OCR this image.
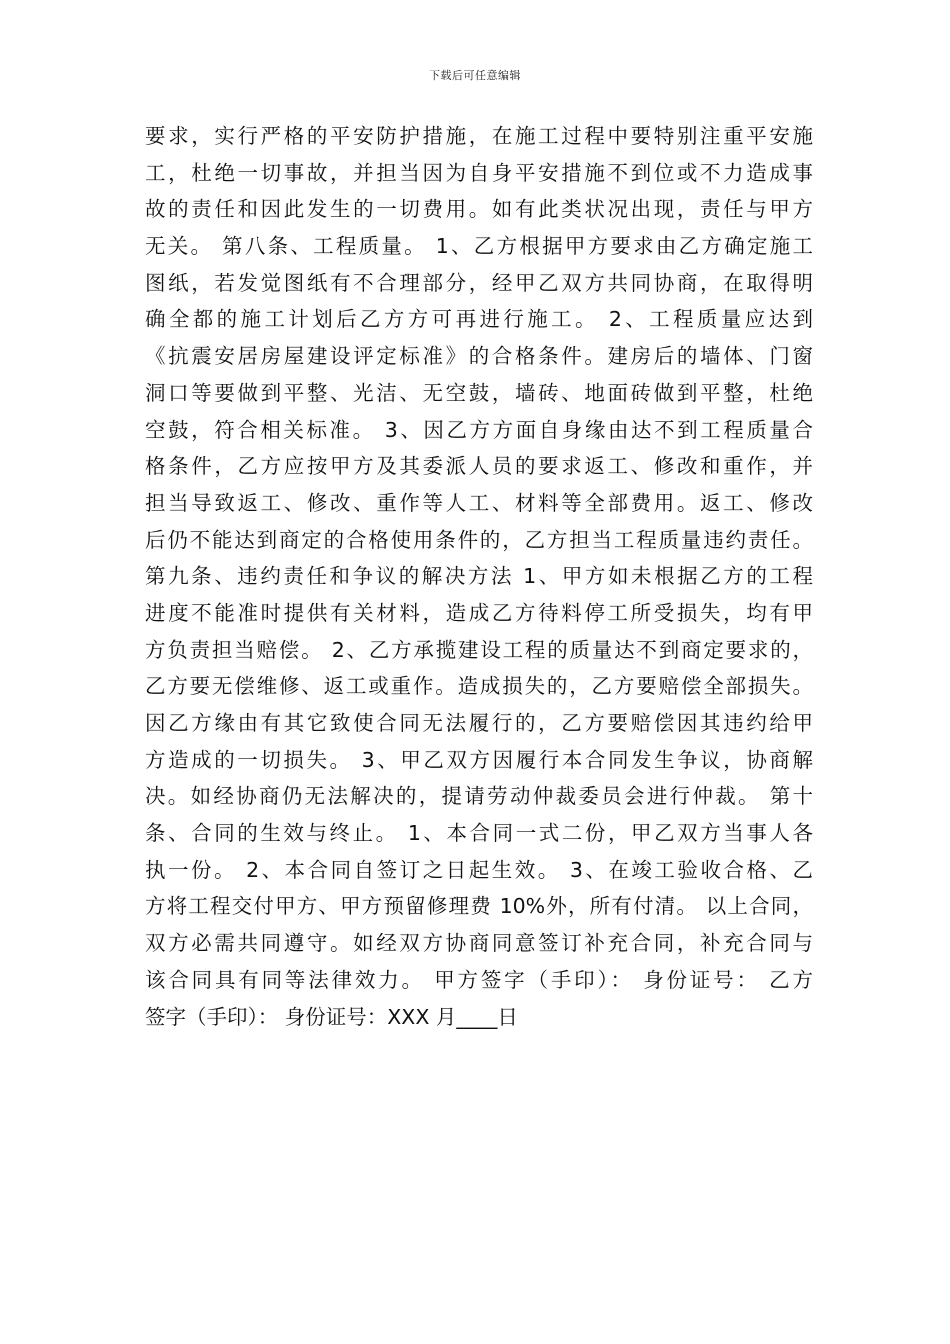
下载后可任意编辑
要求，实行严格的平安防护措施，在施工过程中要特别注重平安施
工，杜绝一切事故，并担当因为自身平安措施不到位或不力造成事
故的责任和因此发生的一切费用。如有此类状况出现，责任与甲方
无关。 第八条、工程质量。 1、乙方根据甲方要求由乙方确定施工
图纸，若发觉图纸有不合理部分，经甲乙双方共同协商，在取得明
确全都的施工计划后乙方方可再进行施工。 2、工程质量应达到
《抗震安居房屋建设评定标准》的合格条件。建房后的墙体、门窗
洞口等要做到平整、光洁、无空鼓，墙砖、地面砖做到平整，杜绝
空鼓，符合相关标准。 3、因乙方方面自身缘由达不到工程质量合
格条件，乙方应按甲方及其委派人员的要求返工、修改和重作，并
担当导致返工、修改、重作等人工、材料等全部费用。返工、修改
后仍不能达到商定的合格使用条件的，乙方担当工程质量违约责任。
第九条、违约责任和争议的解决方法 1、甲方如未根据乙方的工程
进度不能准时提供有关材料，造成乙方待料停工所受损失，均有甲
方负责担当赔偿。 2、乙方承揽建设工程的质量达不到商定要求的，
乙方要无偿维修、返工或重作。造成损失的，乙方要赔偿全部损失。
因乙方缘由有其它致使合同无法履行的，乙方要赔偿因其违约给甲
方造成的一切损失。 3、甲乙双方因履行本合同发生争议，协商解
决。如经协商仍无法解决的，提请劳动仲裁委员会进行仲裁。 第十
条、合同的生效与终止。 1、本合同一式二份，甲乙双方当事人各
执一份。 2、本合同自签订之日起生效。 3、在竣工验收合格、乙
方将工程交付甲方、甲方预留修理费 10%外，所有付清。 以上合同，
双方必需共同遵守。如经双方协商同意签订补充合同，补充合同与
该合同具有同等法律效力。 甲方签字（手印）： 身份证号： 乙方
签字（手印）： 身份证号：XXX 月____日
